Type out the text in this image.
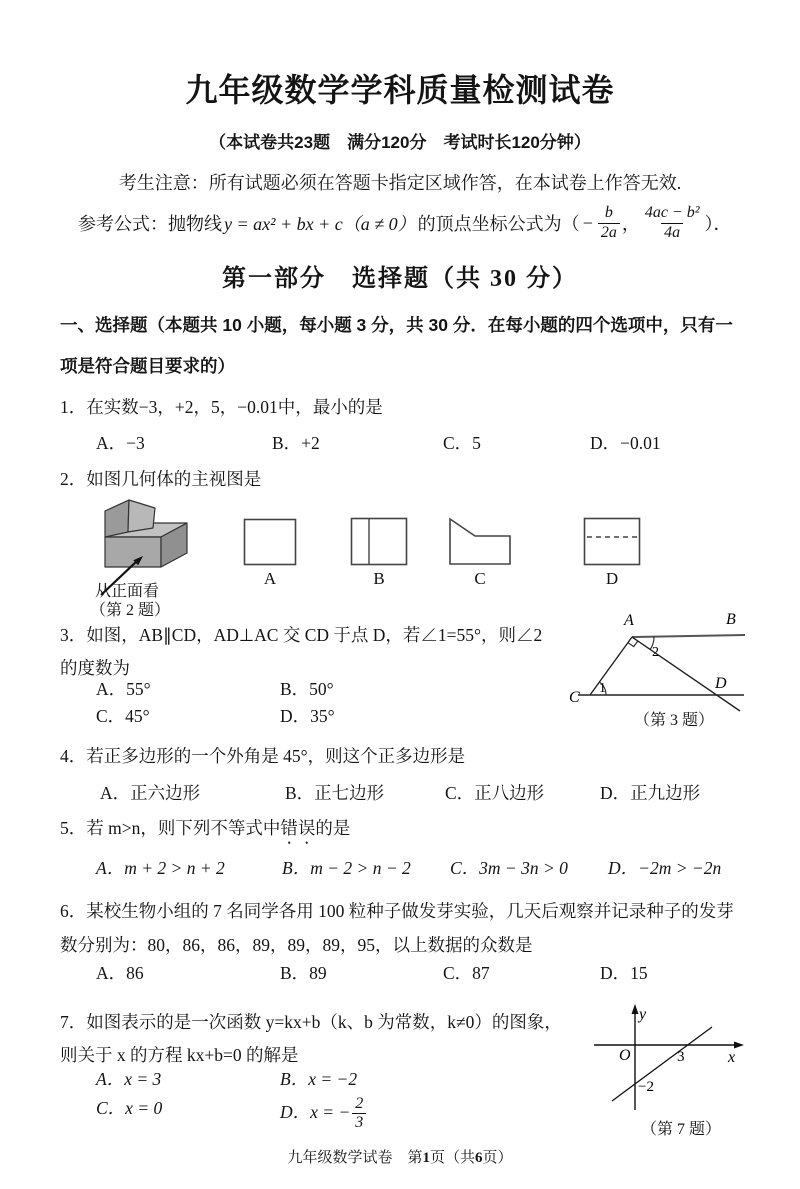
九年级数学学科质量检测试卷
（本试卷共23题　满分120分　考试时长120分钟）
考生注意：所有试题必须在答题卡指定区域作答，在本试卷上作答无效.
参考公式：抛物线 y = ax² + bx + c（a ≠ 0） 的顶点坐标公式为（ − $\frac{b}{2a}$ ， $\frac{\text{4ac − b²}}{4a}$ ）．
第一部分　选择题（共 30 分）
一、选择题（本题共 10 小题，每小题 3 分，共 30 分．在每小题的四个选项中，只有一
项是符合题目要求的）
1．在实数−3，+2，5，−0.01中，最小的是
A．−3	B．+2	C．5	D．−0.01
2．如图几何体的主视图是
从正面看
（第 2 题）
A	B	C	D
3．如图，AB∥CD，AD⊥AC 交 CD 于点 D，若∠1=55°，则∠2
的度数为
A．55°	B．50°
C．45°	D．35°
A	B
C
D
1
2
（第 3 题）
4．若正多边形的一个外角是 45°，则这个正多边形是
A．正六边形	B．正七边形	C．正八边形	D．正九边形
5．若 m>n，则下列不等式中错误的是
A．m + 2 > n + 2	B．m − 2 > n − 2 C．3m − 3n > 0 D．−2m > −2n
6．某校生物小组的 7 名同学各用 100 粒种子做发芽实验，几天后观察并记录种子的发芽
数分别为：80，86，86，89，89，89，95，以上数据的众数是
A．86	B．89	C．87	D．15
7．如图表示的是一次函数 y=kx+b（k、b 为常数，k≠0）的图象，
则关于 x 的方程 kx+b=0 的解是
A．x = 3	B．x = −2
C．x = 0	D．x = − $\frac{2}{3}$
y
x
O	3
−2
（第 7 题）
九年级数学试卷　第1页（共6页）
